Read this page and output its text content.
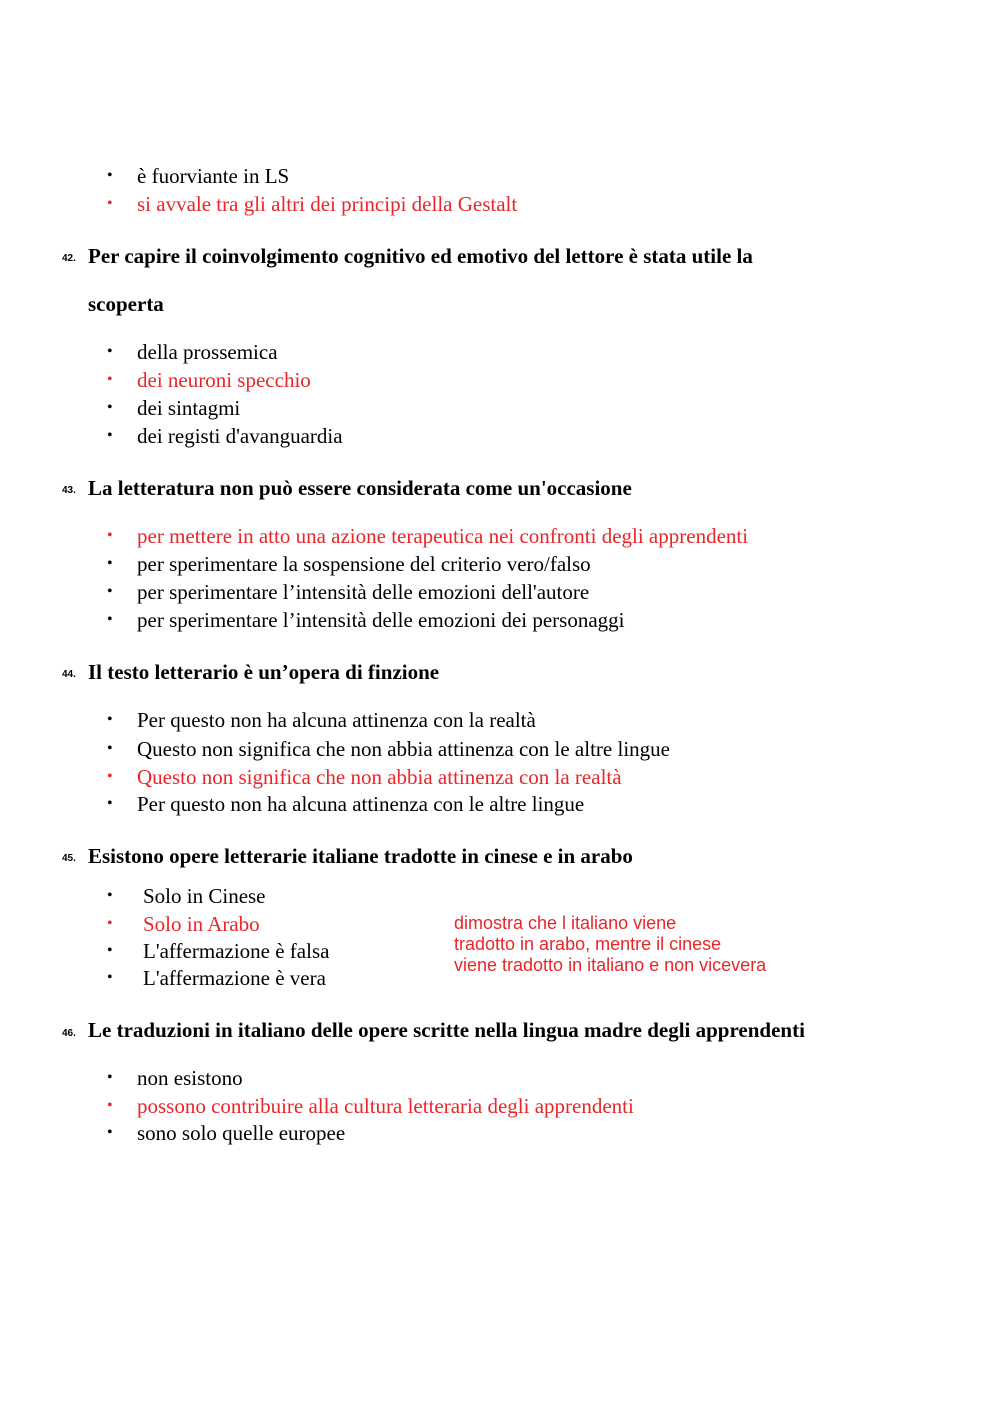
• è fuorviante in LS
• si avvale tra gli altri dei principi della Gestalt
42. Per capire il coinvolgimento cognitivo ed emotivo del lettore è stata utile la
scoperta
• della prossemica
• dei neuroni specchio
• dei sintagmi
• dei registi d'avanguardia
43. La letteratura non può essere considerata come un'occasione
• per mettere in atto una azione terapeutica nei confronti degli apprendenti
• per sperimentare la sospensione del criterio vero/falso
• per sperimentare l’intensità delle emozioni dell'autore
• per sperimentare l’intensità delle emozioni dei personaggi
44. Il testo letterario è un’opera di finzione
• Per questo non ha alcuna attinenza con la realtà
• Questo non significa che non abbia attinenza con le altre lingue
• Questo non significa che non abbia attinenza con la realtà
• Per questo non ha alcuna attinenza con le altre lingue
45. Esistono opere letterarie italiane tradotte in cinese e in arabo
• Solo in Cinese
• Solo in Arabo
• L'affermazione è falsa
• L'affermazione è vera
dimostra che l italiano viene
tradotto in arabo, mentre il cinese
viene tradotto in italiano e non vicevera
46. Le traduzioni in italiano delle opere scritte nella lingua madre degli apprendenti
• non esistono
• possono contribuire alla cultura letteraria degli apprendenti
• sono solo quelle europee
